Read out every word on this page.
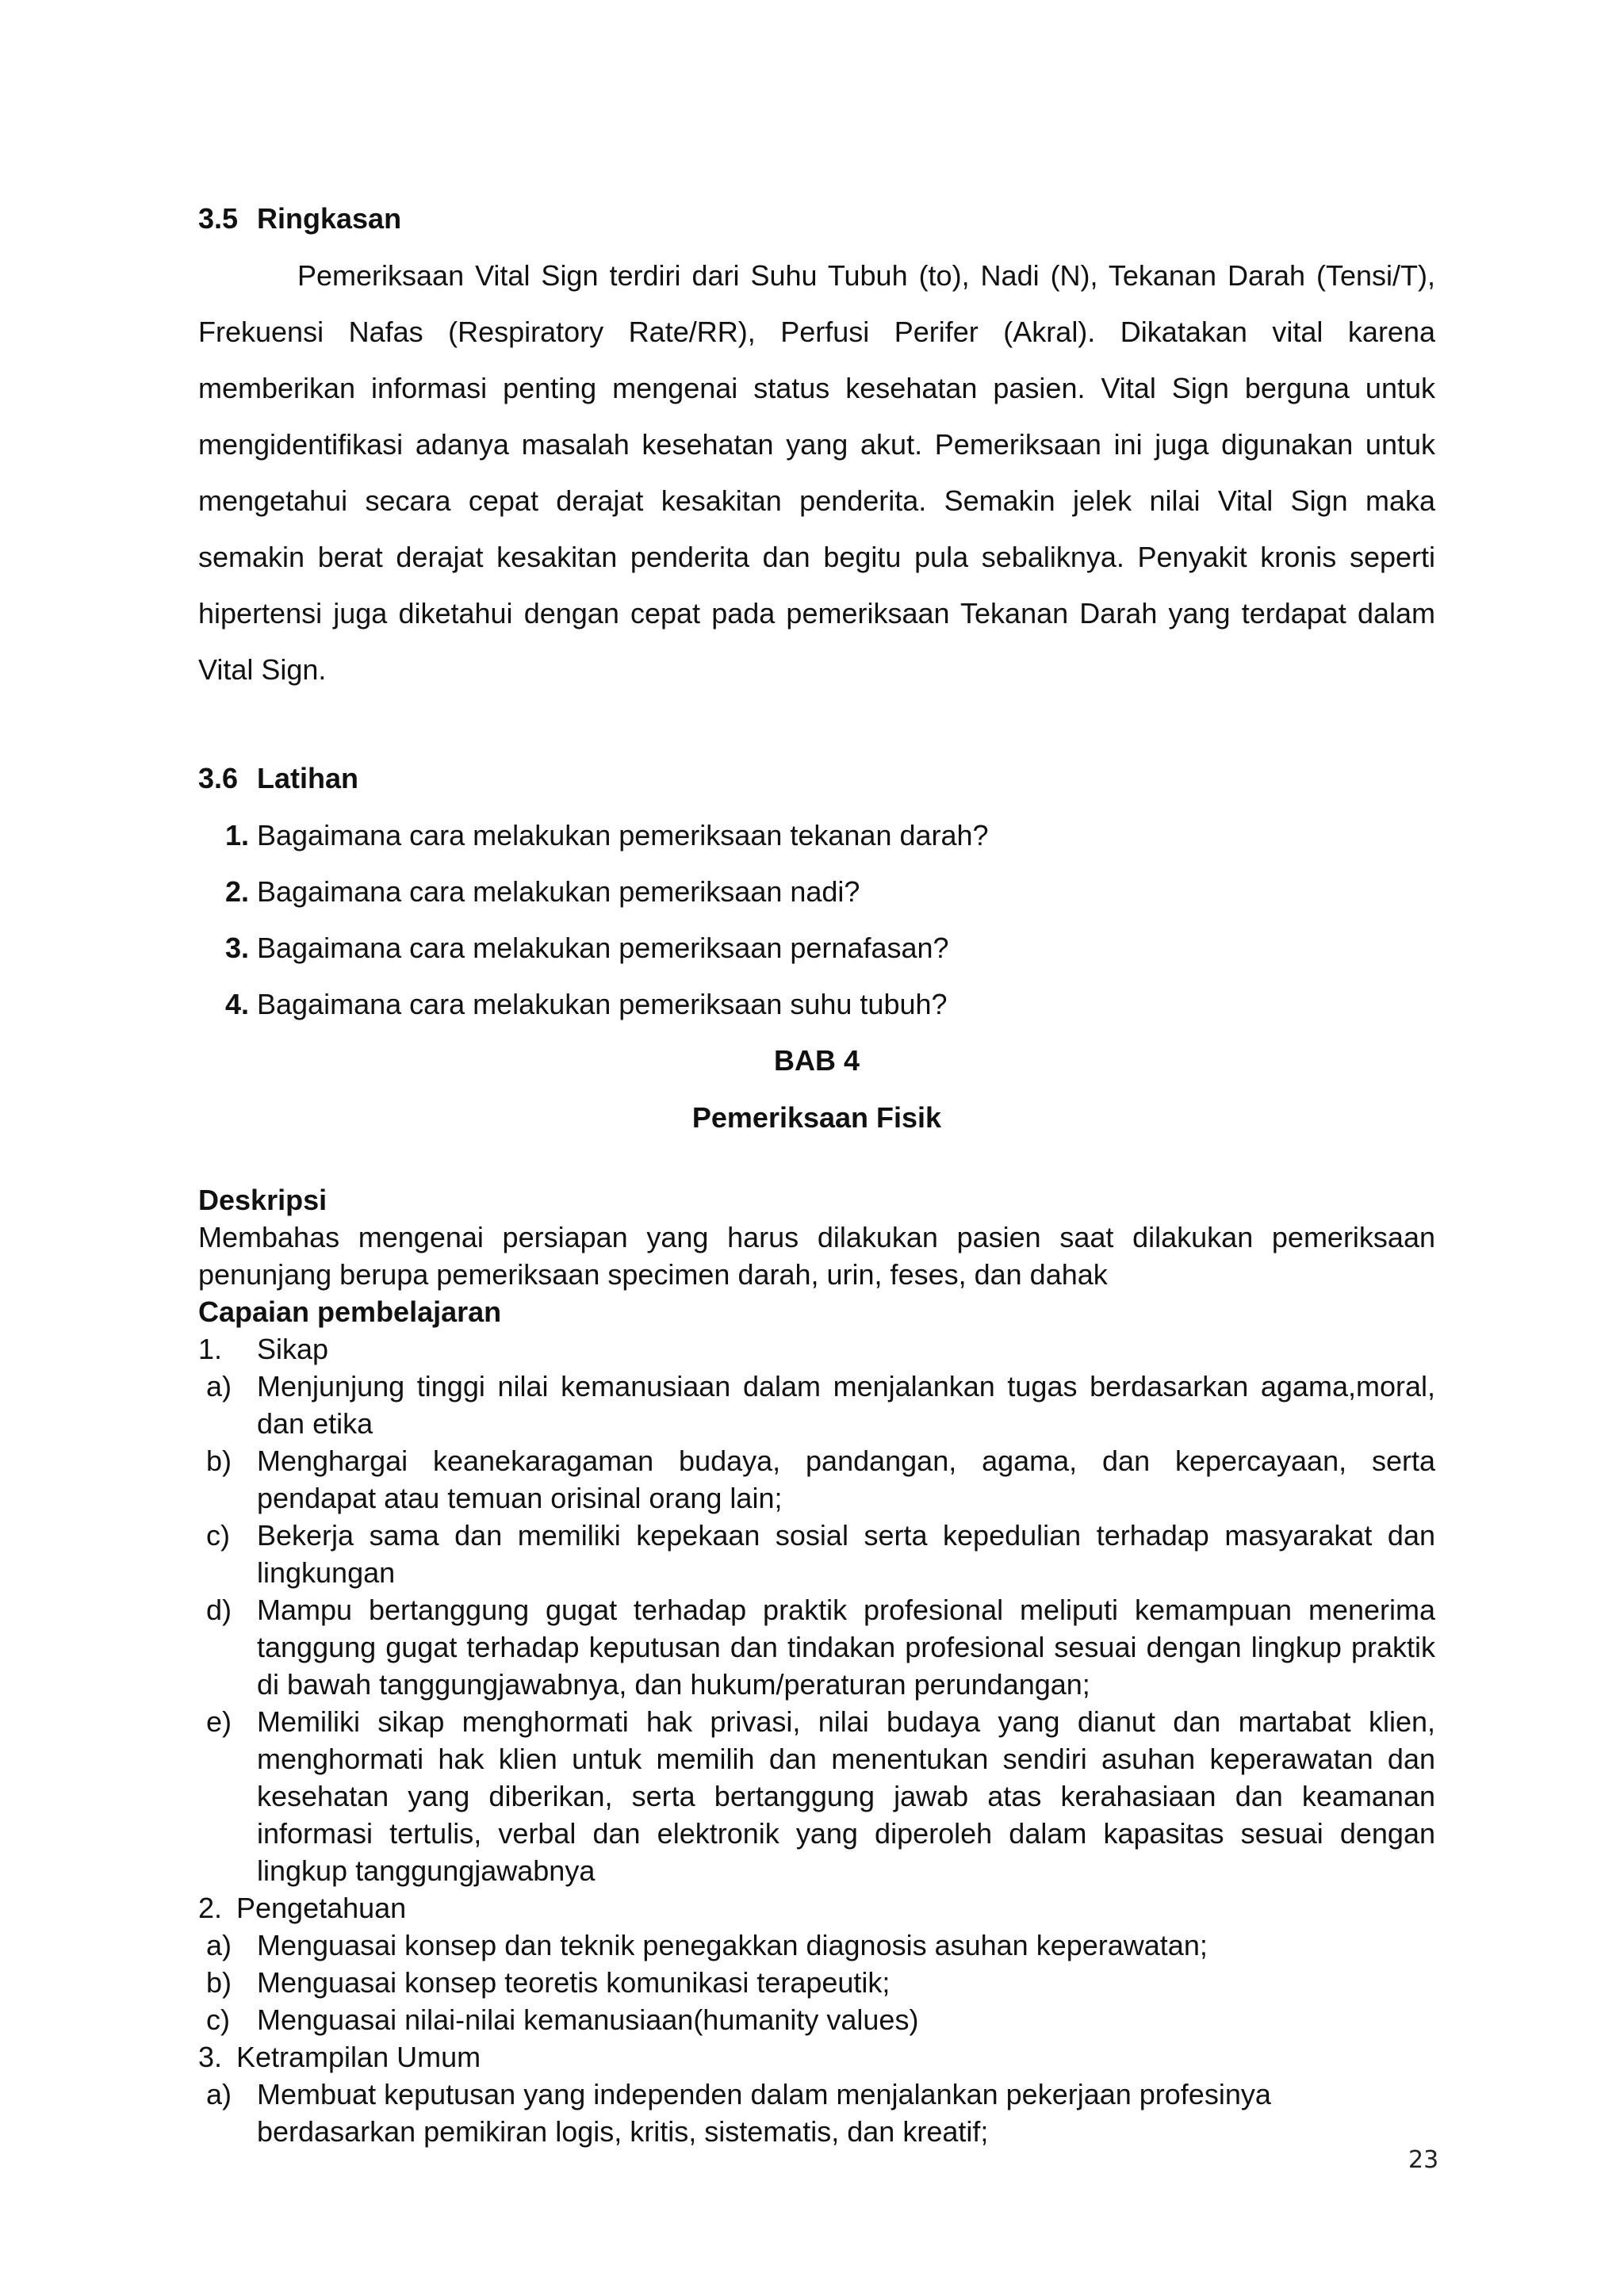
3.5 Ringkasan

Pemeriksaan Vital Sign terdiri dari Suhu Tubuh (to), Nadi (N), Tekanan Darah (Tensi/T), Frekuensi Nafas (Respiratory Rate/RR), Perfusi Perifer (Akral). Dikatakan vital karena memberikan informasi penting mengenai status kesehatan pasien. Vital Sign berguna untuk mengidentifikasi adanya masalah kesehatan yang akut. Pemeriksaan ini juga digunakan untuk mengetahui secara cepat derajat kesakitan penderita. Semakin jelek nilai Vital Sign maka semakin berat derajat kesakitan penderita dan begitu pula sebaliknya. Penyakit kronis seperti hipertensi juga diketahui dengan cepat pada pemeriksaan Tekanan Darah yang terdapat dalam Vital Sign.

3.6 Latihan

1. Bagaimana cara melakukan pemeriksaan tekanan darah?
2. Bagaimana cara melakukan pemeriksaan nadi?
3. Bagaimana cara melakukan pemeriksaan pernafasan?
4. Bagaimana cara melakukan pemeriksaan suhu tubuh?

BAB 4

Pemeriksaan Fisik

Deskripsi

Membahas mengenai persiapan yang harus dilakukan pasien saat dilakukan pemeriksaan penunjang berupa pemeriksaan specimen darah, urin, feses, dan dahak

Capaian pembelajaran

1.	Sikap
a) Menjunjung tinggi nilai kemanusiaan dalam menjalankan tugas berdasarkan agama,moral, dan etika
b) Menghargai keanekaragaman budaya, pandangan, agama, dan kepercayaan, serta pendapat atau temuan orisinal orang lain;
c) Bekerja sama dan memiliki kepekaan sosial serta kepedulian terhadap masyarakat dan lingkungan
d) Mampu bertanggung gugat terhadap praktik profesional meliputi kemampuan menerima tanggung gugat terhadap keputusan dan tindakan profesional sesuai dengan lingkup praktik di bawah tanggungjawabnya, dan hukum/peraturan perundangan;
e) Memiliki sikap menghormati hak privasi, nilai budaya yang dianut dan martabat klien, menghormati hak klien untuk memilih dan menentukan sendiri asuhan keperawatan dan kesehatan yang diberikan, serta bertanggung jawab atas kerahasiaan dan keamanan informasi tertulis, verbal dan elektronik yang diperoleh dalam kapasitas sesuai dengan lingkup tanggungjawabnya
2. Pengetahuan
a) Menguasai konsep dan teknik penegakkan diagnosis asuhan keperawatan;
b) Menguasai konsep teoretis komunikasi terapeutik;
c) Menguasai nilai-nilai kemanusiaan(humanity values)
3. Ketrampilan Umum
a) Membuat keputusan yang independen dalam menjalankan pekerjaan profesinya berdasarkan pemikiran logis, kritis, sistematis, dan kreatif;
23
